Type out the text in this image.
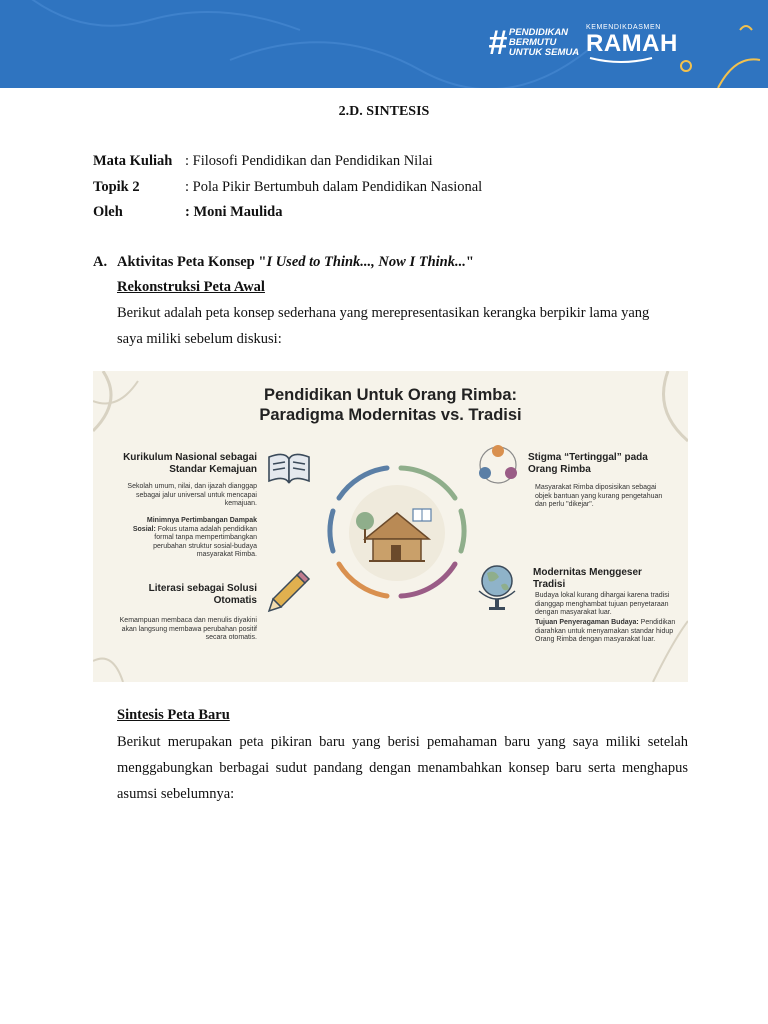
# PENDIDIKAN
BERMUTU
UNTUK SEMUA
KEMENDIKDASMEN
RAMAH
2.D. SINTESIS
Mata Kuliah : Filosofi Pendidikan dan Pendidikan Nilai
Topik 2	: Pola Pikir Bertumbuh dalam Pendidikan Nasional
Oleh	: Moni Maulida
A. Aktivitas Peta Konsep "I Used to Think..., Now I Think..."
Rekonstruksi Peta Awal
Berikut adalah peta konsep sederhana yang merepresentasikan kerangka berpikir lama yang saya miliki sebelum diskusi:
Pendidikan Untuk Orang Rimba:
Paradigma Modernitas vs. Tradisi
Kurikulum Nasional sebagai Standar Kemajuan
Sekolah umum, nilai, dan ijazah dianggap sebagai jalur universal untuk mencapai kemajuan.
Minimnya Pertimbangan Dampak Sosial: Fokus utama adalah pendidikan formal tanpa mempertimbangkan perubahan struktur sosial-budaya masyarakat Rimba.
Literasi sebagai Solusi Otomatis
Kemampuan membaca dan menulis diyakini akan langsung membawa perubahan positif secara otomatis.
Stigma “Tertinggal” pada Orang Rimba
Masyarakat Rimba diposisikan sebagai objek bantuan yang kurang pengetahuan dan perlu "dikejar".
Modernitas Menggeser Tradisi
Budaya lokal kurang dihargai karena tradisi dianggap menghambat tujuan penyetaraan dengan masyarakat luar.
Tujuan Penyeragaman Budaya: Pendidikan diarahkan untuk menyamakan standar hidup Orang Rimba dengan masyarakat luar.
Sintesis Peta Baru
Berikut merupakan peta pikiran baru yang berisi pemahaman baru yang saya miliki setelah menggabungkan berbagai sudut pandang dengan menambahkan konsep baru serta menghapus asumsi sebelumnya:
